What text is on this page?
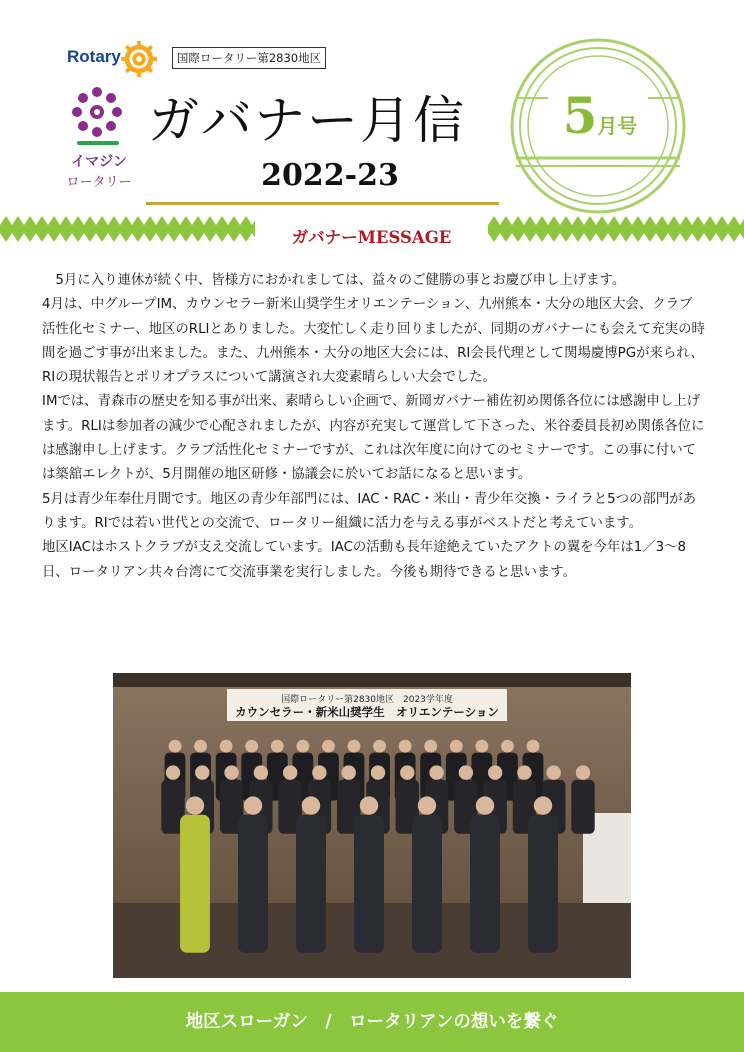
Rotary	国際ロータリー第2830地区
イマジン
ロータリー
ガバナー月信
2022-23
5月号
ガバナーMESSAGE

　5月に入り連休が続く中、皆様方におかれましては、益々のご健勝の事とお慶び申し上げます。

4月は、中グループIM、カウンセラー新米山奨学生オリエンテーション、九州熊本・大分の地区大会、クラブ活性化セミナー、地区のRLIとありました。大変忙しく走り回りましたが、同期のガバナーにも会えて充実の時間を過ごす事が出来ました。また、九州熊本・大分の地区大会には、RI会長代理として関場慶博PGが来られ、RIの現状報告とポリオプラスについて講演され大変素晴らしい大会でした。

IMでは、青森市の歴史を知る事が出来、素晴らしい企画で、新岡ガバナー補佐初め関係各位には感謝申し上げます。RLIは参加者の減少で心配されましたが、内容が充実して運営して下さった、米谷委員長初め関係各位には感謝申し上げます。クラブ活性化セミナーですが、これは次年度に向けてのセミナーです。この事に付いては築舘エレクトが、5月開催の地区研修・協議会に於いてお話になると思います。

5月は青少年奉仕月間です。地区の青少年部門には、IAC・RAC・米山・青少年交換・ライラと5つの部門があります。RIでは若い世代との交流で、ロータリー組織に活力を与える事がベストだと考えています。

地区IACはホストクラブが支え交流しています。IACの活動も長年途絶えていたアクトの翼を今年は1／3〜8日、ロータリアン共々台湾にて交流事業を実行しました。今後も期待できると思います。

国際ロータリー第2830地区　2023学年度
カウンセラー・新米山奨学生　オリエンテーション
地区スローガン　/　ロータリアンの想いを繋ぐ
